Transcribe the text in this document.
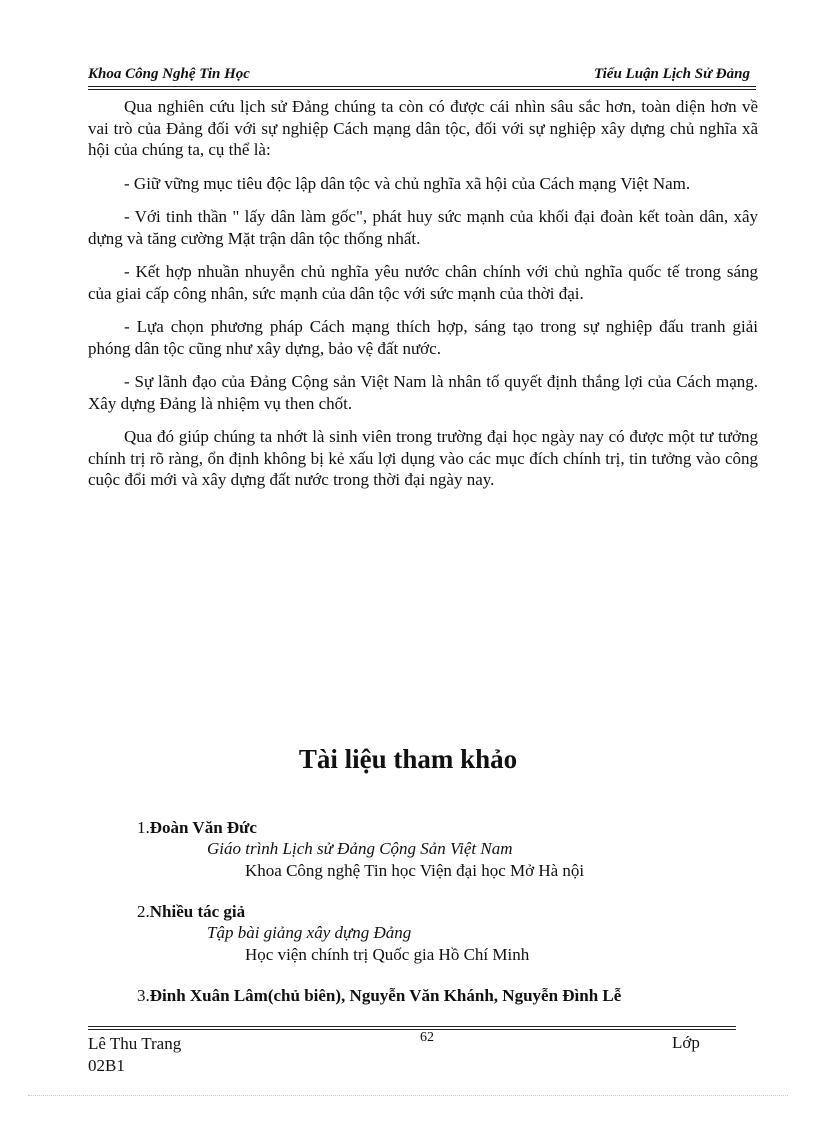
Khoa Công Nghệ Tin Học	Tiểu Luận Lịch Sử Đảng

Qua nghiên cứu lịch sử Đảng chúng ta còn có được cái nhìn sâu sắc hơn, toàn diện hơn về vai trò của Đảng đối với sự nghiệp Cách mạng dân tộc, đối với sự nghiệp xây dựng chủ nghĩa xã hội của chúng ta, cụ thể là:

- Giữ vững mục tiêu độc lập dân tộc và chủ nghĩa xã hội của Cách mạng Việt Nam.

- Với tinh thần " lấy dân làm gốc", phát huy sức mạnh của khối đại đoàn kết toàn dân, xây dựng và tăng cường Mặt trận dân tộc thống nhất.

- Kết hợp nhuần nhuyễn chủ nghĩa yêu nước chân chính với chủ nghĩa quốc tế trong sáng của giai cấp công nhân, sức mạnh của dân tộc với sức mạnh của thời đại.

- Lựa chọn phương pháp Cách mạng thích hợp, sáng tạo trong sự nghiệp đấu tranh giải phóng dân tộc cũng như xây dựng, bảo vệ đất nước.

- Sự lãnh đạo của Đảng Cộng sản Việt Nam là nhân tố quyết định thắng lợi của Cách mạng. Xây dựng Đảng là nhiệm vụ then chốt.

Qua đó giúp chúng ta nhớt là sinh viên trong trường đại học ngày nay có được một tư tưởng chính trị rõ ràng, ổn định không bị kẻ xấu lợi dụng vào các mục đích chính trị, tin tưởng vào công cuộc đổi mới và xây dựng đất nước trong thời đại ngày nay.

Tài liệu tham khảo
1.Đoàn Văn Đức
Giáo trình Lịch sử Đảng Cộng Sản Việt Nam
Khoa Công nghệ Tin học Viện đại học Mở Hà nội
2.Nhiều tác giả
Tập bài giảng xây dựng Đảng
Học viện chính trị Quốc gia Hồ Chí Minh
3.Đinh Xuân Lâm(chủ biên), Nguyễn Văn Khánh, Nguyễn Đình Lễ
Lê Thu Trang
02B1
62	Lớp
